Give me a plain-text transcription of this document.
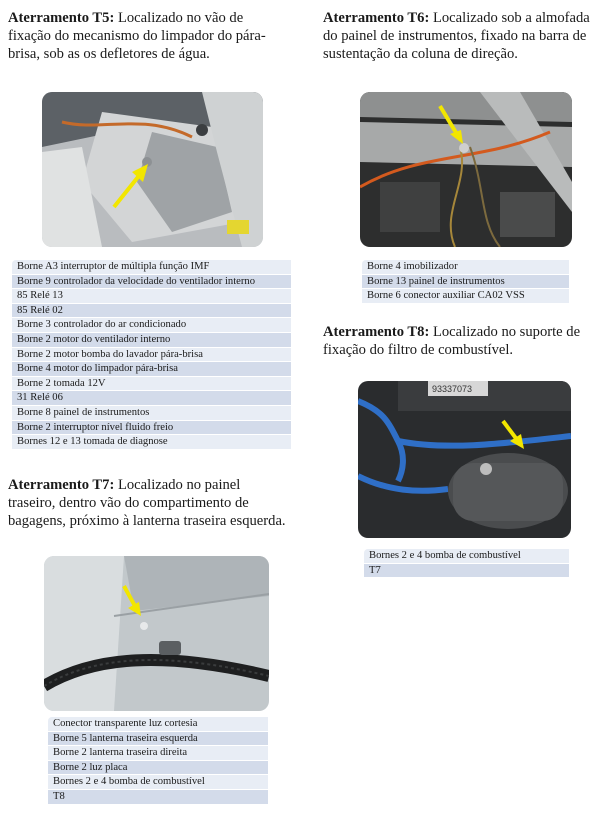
Aterramento T5: Localizado no vão de
fixação do mecanismo do limpador do pára-
brisa, sob as os defletores de água.

Borne A3 interruptor de múltipla função IMF
Borne 9 controlador da velocidade do ventilador interno
85 Relé 13
85 Relé 02
Borne 3 controlador do ar condicionado
Borne 2 motor do ventilador interno
Borne 2 motor bomba do lavador pára-brisa
Borne 4 motor do limpador pára-brisa
Borne 2 tomada 12V
31 Relé 06
Borne 8 painel de instrumentos
Borne 2 interruptor nível fluido freio
Bornes 12 e 13 tomada de diagnose

Aterramento T6: Localizado sob a almofada
do painel de instrumentos, fixado na barra de
sustentação da coluna de direção.

Borne 4 imobilizador
Borne 13 painel de instrumentos
Borne 6 conector auxiliar CA02 VSS

Aterramento T8: Localizado no suporte de
fixação do filtro de combustível.

93337073
Bornes 2 e 4 bomba de combustível
T7

Aterramento T7: Localizado no painel
traseiro, dentro vão do compartimento de
bagagens, próximo à lanterna traseira esquerda.

Conector transparente luz cortesia
Borne 5 lanterna traseira esquerda
Borne 2 lanterna traseira direita
Borne 2 luz placa
Bornes 2 e 4 bomba de combustível
T8
